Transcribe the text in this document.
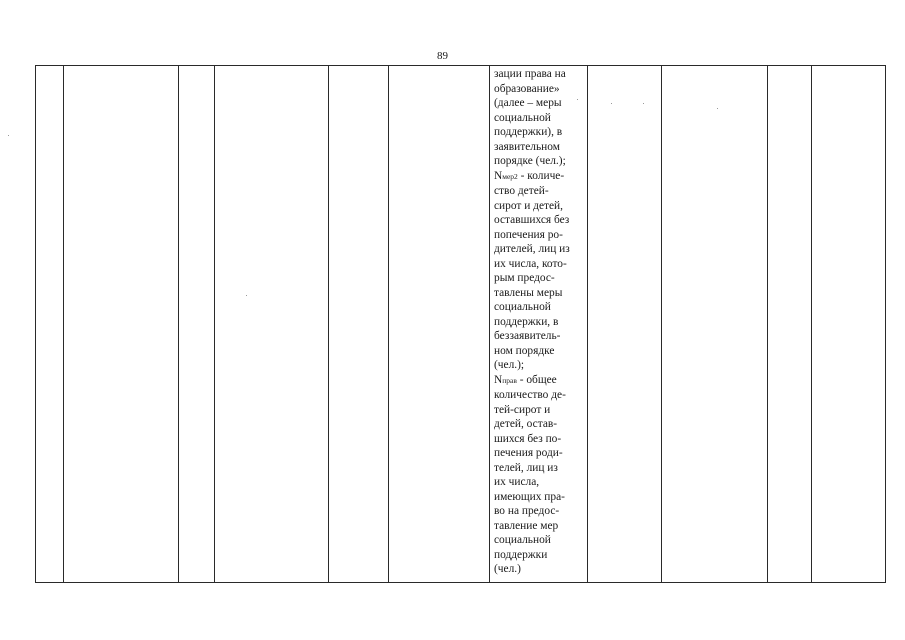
89
зации права на
образование»
(далее – меры
социальной
поддержки), в
заявительном
порядке (чел.);
Nмер2 - количе-
ство детей-
сирот и детей,
оставшихся без
попечения ро-
дителей, лиц из
их числа, кото-
рым предос-
тавлены меры
социальной
поддержки, в
беззаявитель-
ном порядке
(чел.);
Nправ - общее
количество де-
тей-сирот и
детей, остав-
шихся без по-
печения роди-
телей, лиц из
их числа,
имеющих пра-
во на предос-
тавление мер
социальной
поддержки
(чел.)
